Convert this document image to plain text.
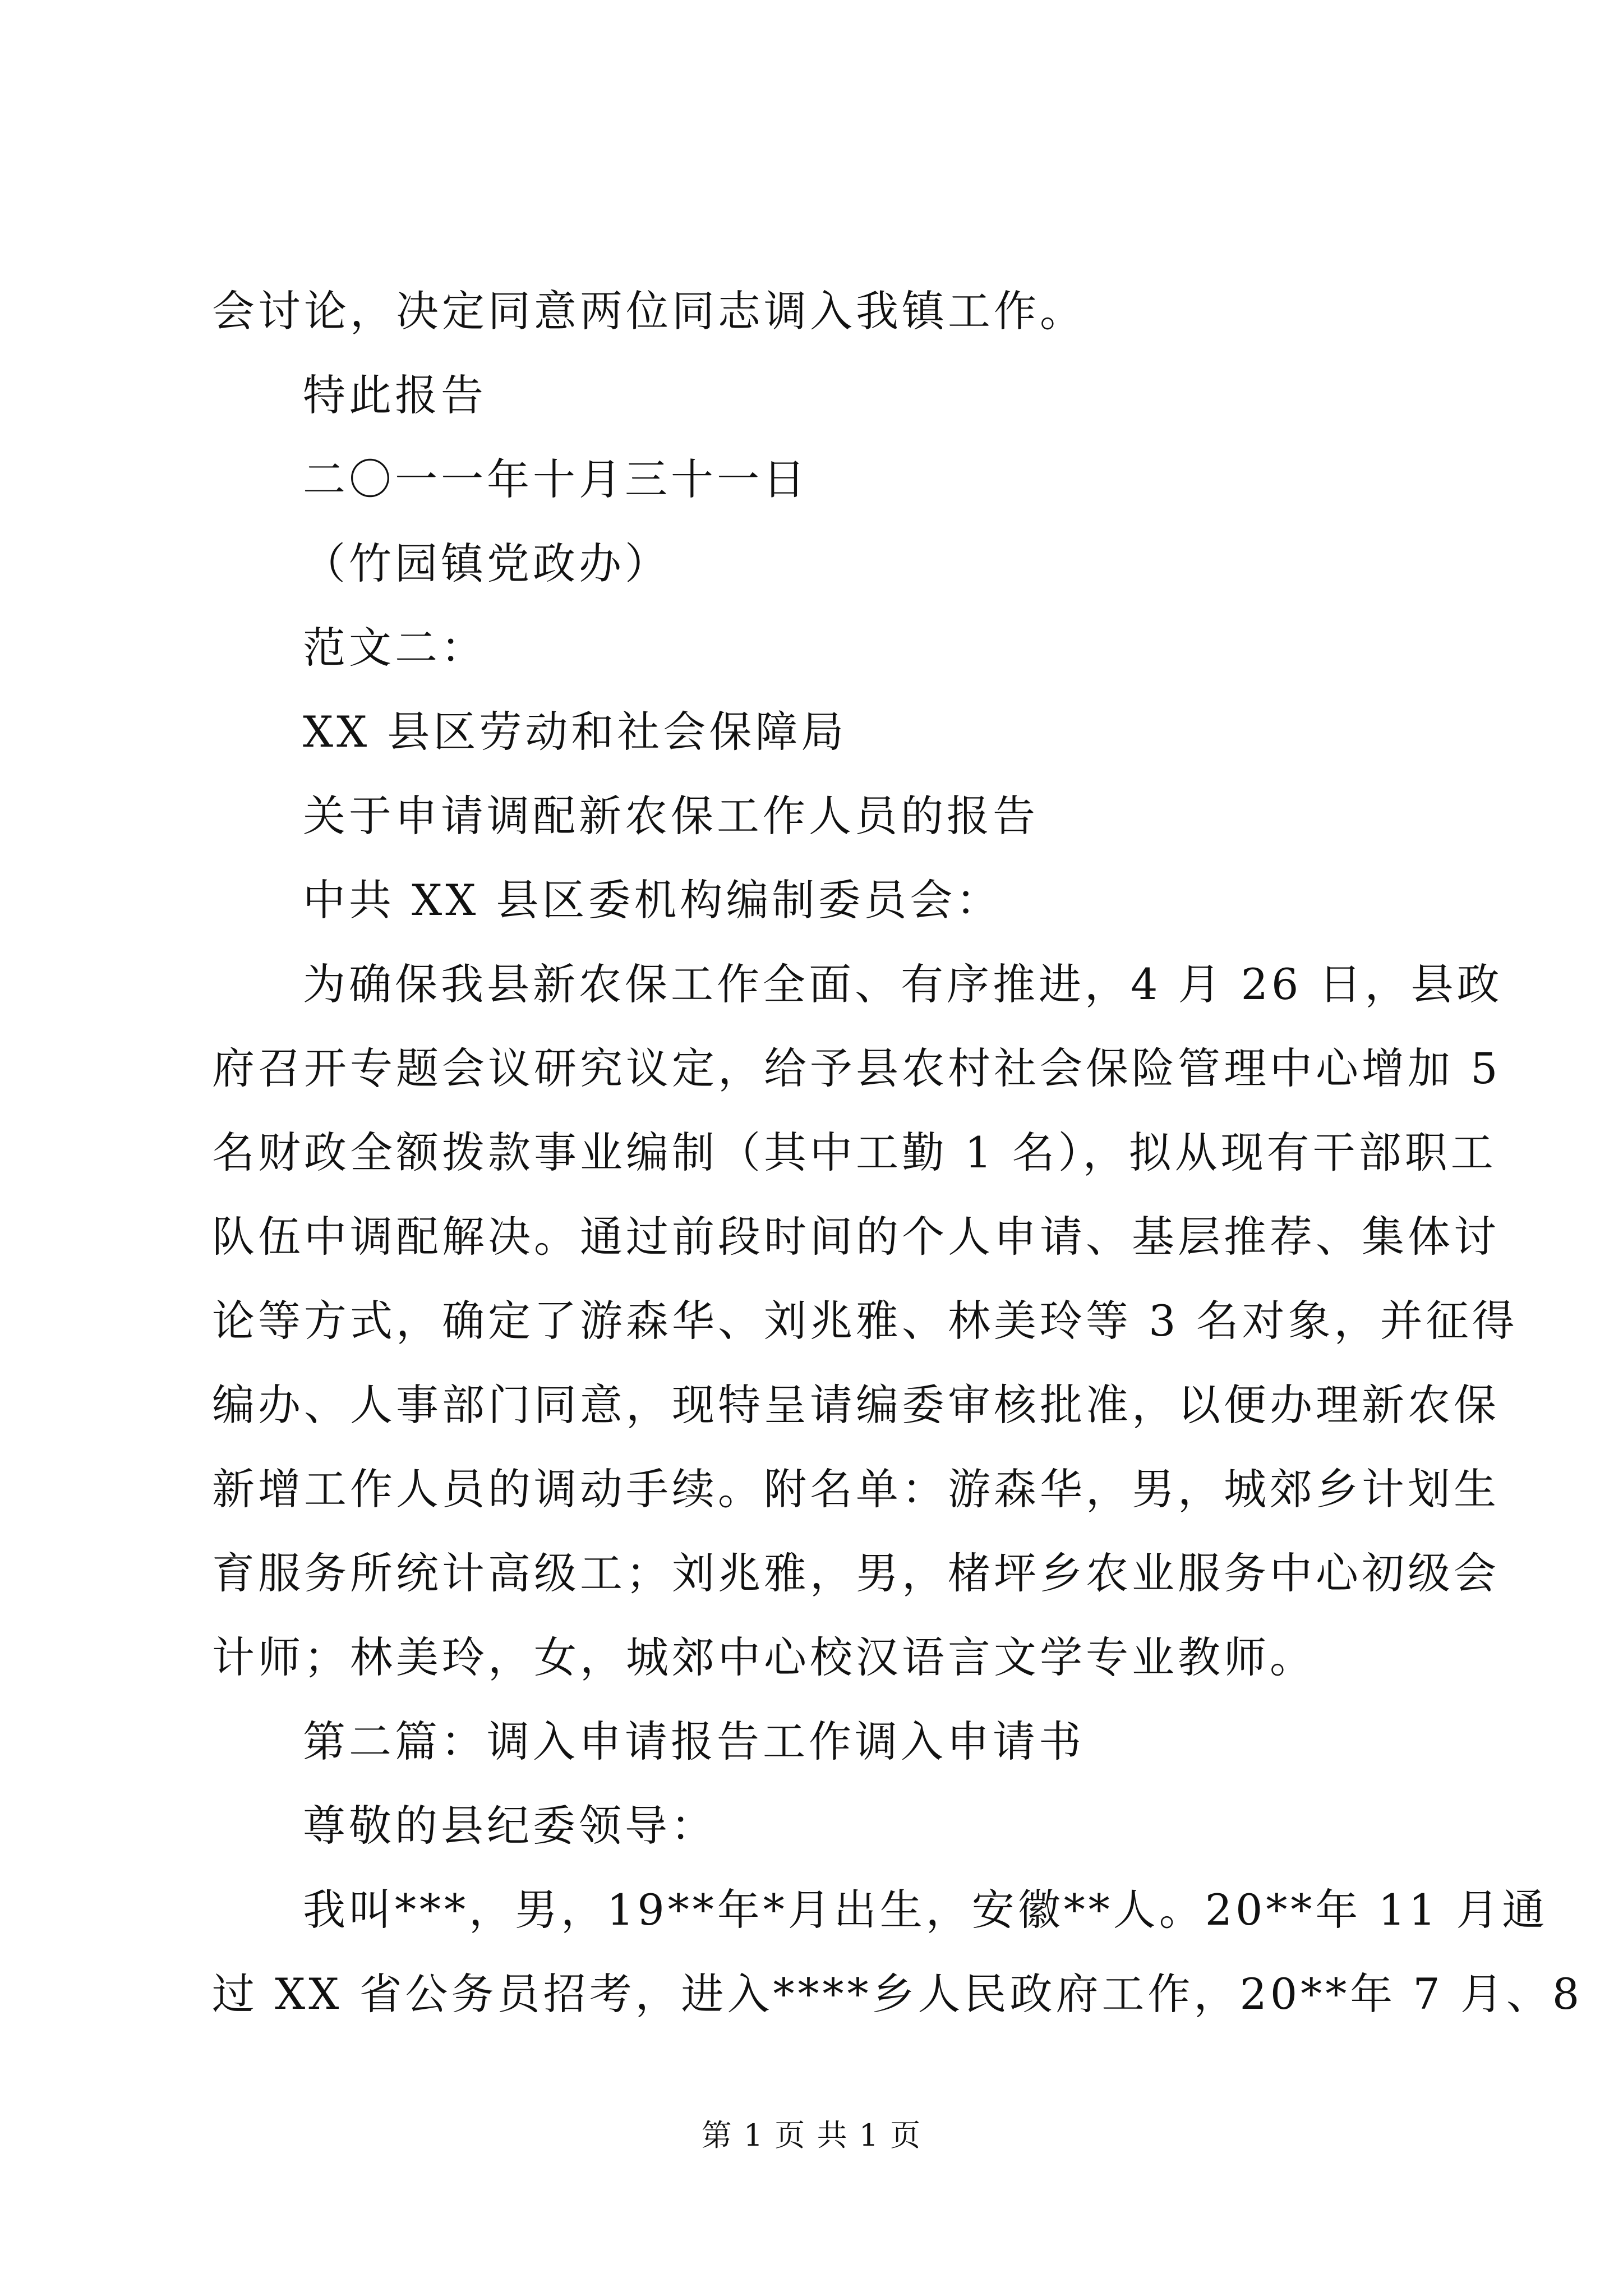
会讨论，决定同意两位同志调入我镇工作。
特此报告
二〇一一年十月三十一日
（竹园镇党政办）
范文二：
XX 县区劳动和社会保障局
关于申请调配新农保工作人员的报告
中共 XX 县区委机构编制委员会：
为确保我县新农保工作全面、有序推进，4 月 26 日，县政
府召开专题会议研究议定，给予县农村社会保险管理中心增加 5
名财政全额拨款事业编制（其中工勤 1 名），拟从现有干部职工
队伍中调配解决。通过前段时间的个人申请、基层推荐、集体讨
论等方式，确定了游森华、刘兆雅、林美玲等 3 名对象，并征得
编办、人事部门同意，现特呈请编委审核批准，以便办理新农保
新增工作人员的调动手续。附名单：游森华，男，城郊乡计划生
育服务所统计高级工；刘兆雅，男，楮坪乡农业服务中心初级会
计师；林美玲，女，城郊中心校汉语言文学专业教师。
第二篇：调入申请报告工作调入申请书
尊敬的县纪委领导：
我叫***，男，19**年*月出生，安徽**人。20**年 11 月通
过 XX 省公务员招考，进入****乡人民政府工作，20**年 7 月、8
第 1 页 共 1 页
